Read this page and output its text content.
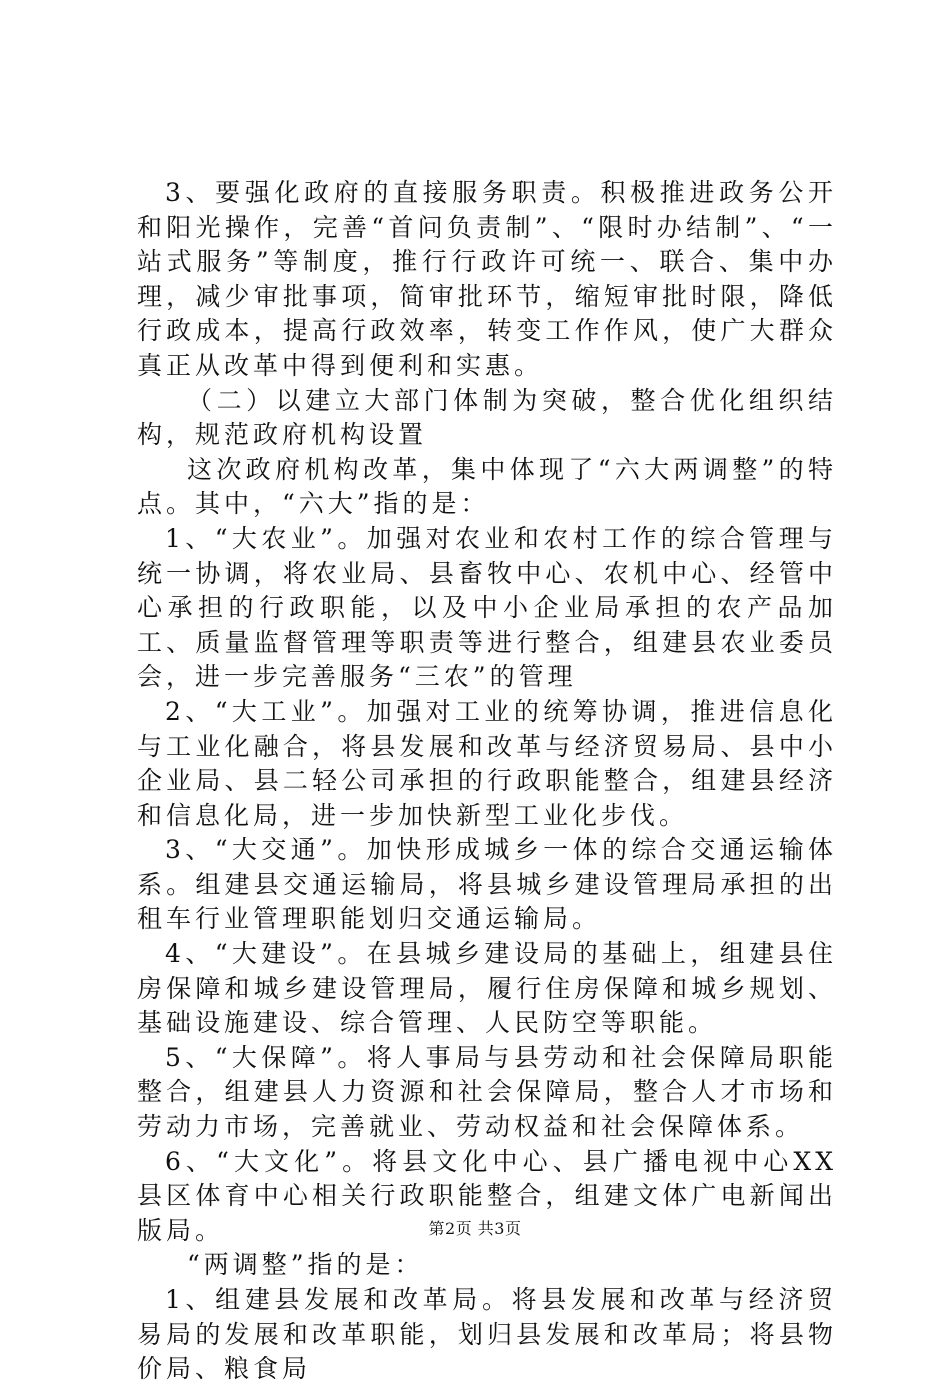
3、要强化政府的直接服务职责。积极推进政务公开和阳光操作，完善“首问负责制”、“限时办结制”、“一站式服务”等制度，推行行政许可统一、联合、集中办理，减少审批事项，简审批环节，缩短审批时限，降低行政成本，提高行政效率，转变工作作风，使广大群众真正从改革中得到便利和实惠。

（二）以建立大部门体制为突破，整合优化组织结构，规范政府机构设置

这次政府机构改革，集中体现了“六大两调整”的特点。其中，“六大”指的是：

1、“大农业”。加强对农业和农村工作的综合管理与统一协调，将农业局、县畜牧中心、农机中心、经管中心承担的行政职能，以及中小企业局承担的农产品加工、质量监督管理等职责等进行整合，组建县农业委员会，进一步完善服务“三农”的管理

2、“大工业”。加强对工业的统筹协调，推进信息化与工业化融合，将县发展和改革与经济贸易局、县中小企业局、县二轻公司承担的行政职能整合，组建县经济和信息化局，进一步加快新型工业化步伐。

3、“大交通”。加快形成城乡一体的综合交通运输体系。组建县交通运输局，将县城乡建设管理局承担的出租车行业管理职能划归交通运输局。

4、“大建设”。在县城乡建设局的基础上，组建县住房保障和城乡建设管理局，履行住房保障和城乡规划、基础设施建设、综合管理、人民防空等职能。

5、“大保障”。将人事局与县劳动和社会保障局职能整合，组建县人力资源和社会保障局，整合人才市场和劳动力市场，完善就业、劳动权益和社会保障体系。

6、“大文化”。将县文化中心、县广播电视中心XX县区体育中心相关行政职能整合，组建文体广电新闻出版局。

“两调整”指的是：

1、组建县发展和改革局。将县发展和改革与经济贸易局的发展和改革职能，划归县发展和改革局；将县物价局、粮食局

第2页 共3页
